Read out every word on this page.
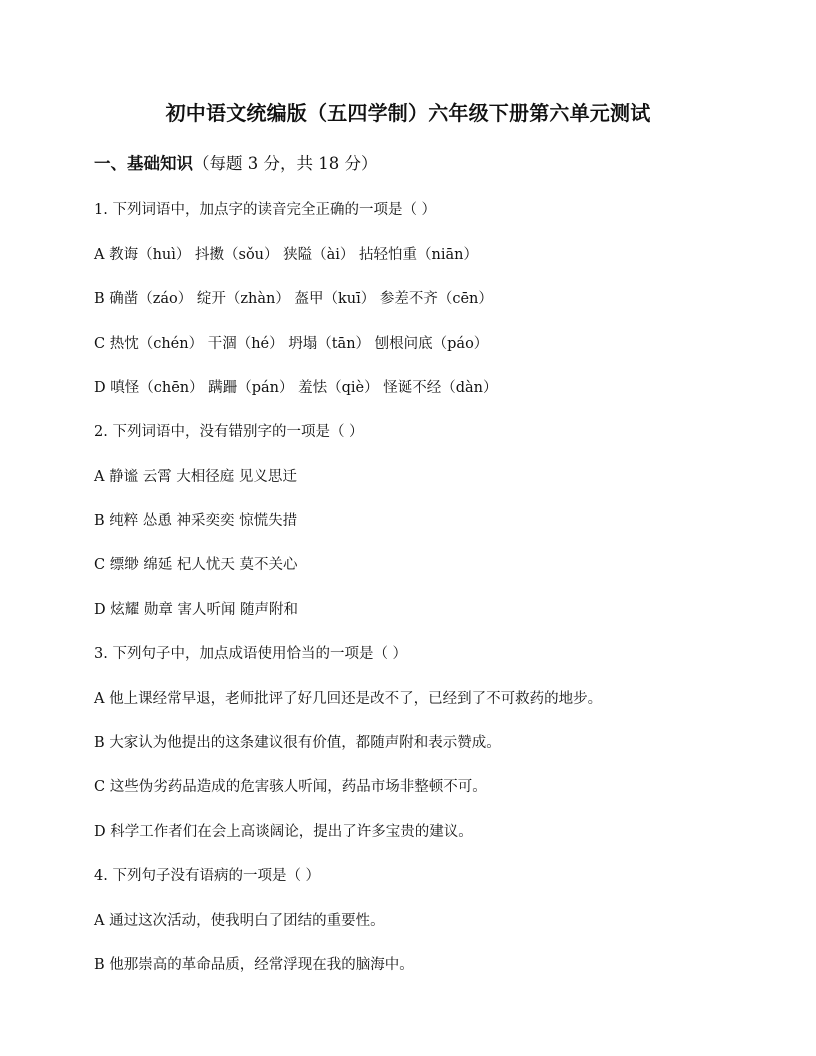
初中语文统编版（五四学制）六年级下册第六单元测试
一、基础知识（每题 3 分，共 18 分）
1. 下列词语中，加点字的读音完全正确的一项是（ ）
A 教诲（huì） 抖擞（sǒu） 狭隘（ài） 拈轻怕重（niān）
B 确凿（záo） 绽开（zhàn） 盔甲（kuī） 参差不齐（cēn）
C 热忱（chén） 干涸（hé） 坍塌（tān） 刨根问底（páo）
D 嗔怪（chēn） 蹒跚（pán） 羞怯（qiè） 怪诞不经（dàn）
2. 下列词语中，没有错别字的一项是（ ）
A 静谧 云霄 大相径庭 见义思迁
B 纯粹 怂恿 神采奕奕 惊慌失措
C 缥缈 绵延 杞人忧天 莫不关心
D 炫耀 勋章 害人听闻 随声附和
3. 下列句子中，加点成语使用恰当的一项是（ ）
A 他上课经常早退，老师批评了好几回还是改不了，已经到了不可救药的地步。
B 大家认为他提出的这条建议很有价值，都随声附和表示赞成。
C 这些伪劣药品造成的危害骇人听闻，药品市场非整顿不可。
D 科学工作者们在会上高谈阔论，提出了许多宝贵的建议。
4. 下列句子没有语病的一项是（ ）
A 通过这次活动，使我明白了团结的重要性。
B 他那崇高的革命品质，经常浮现在我的脑海中。
